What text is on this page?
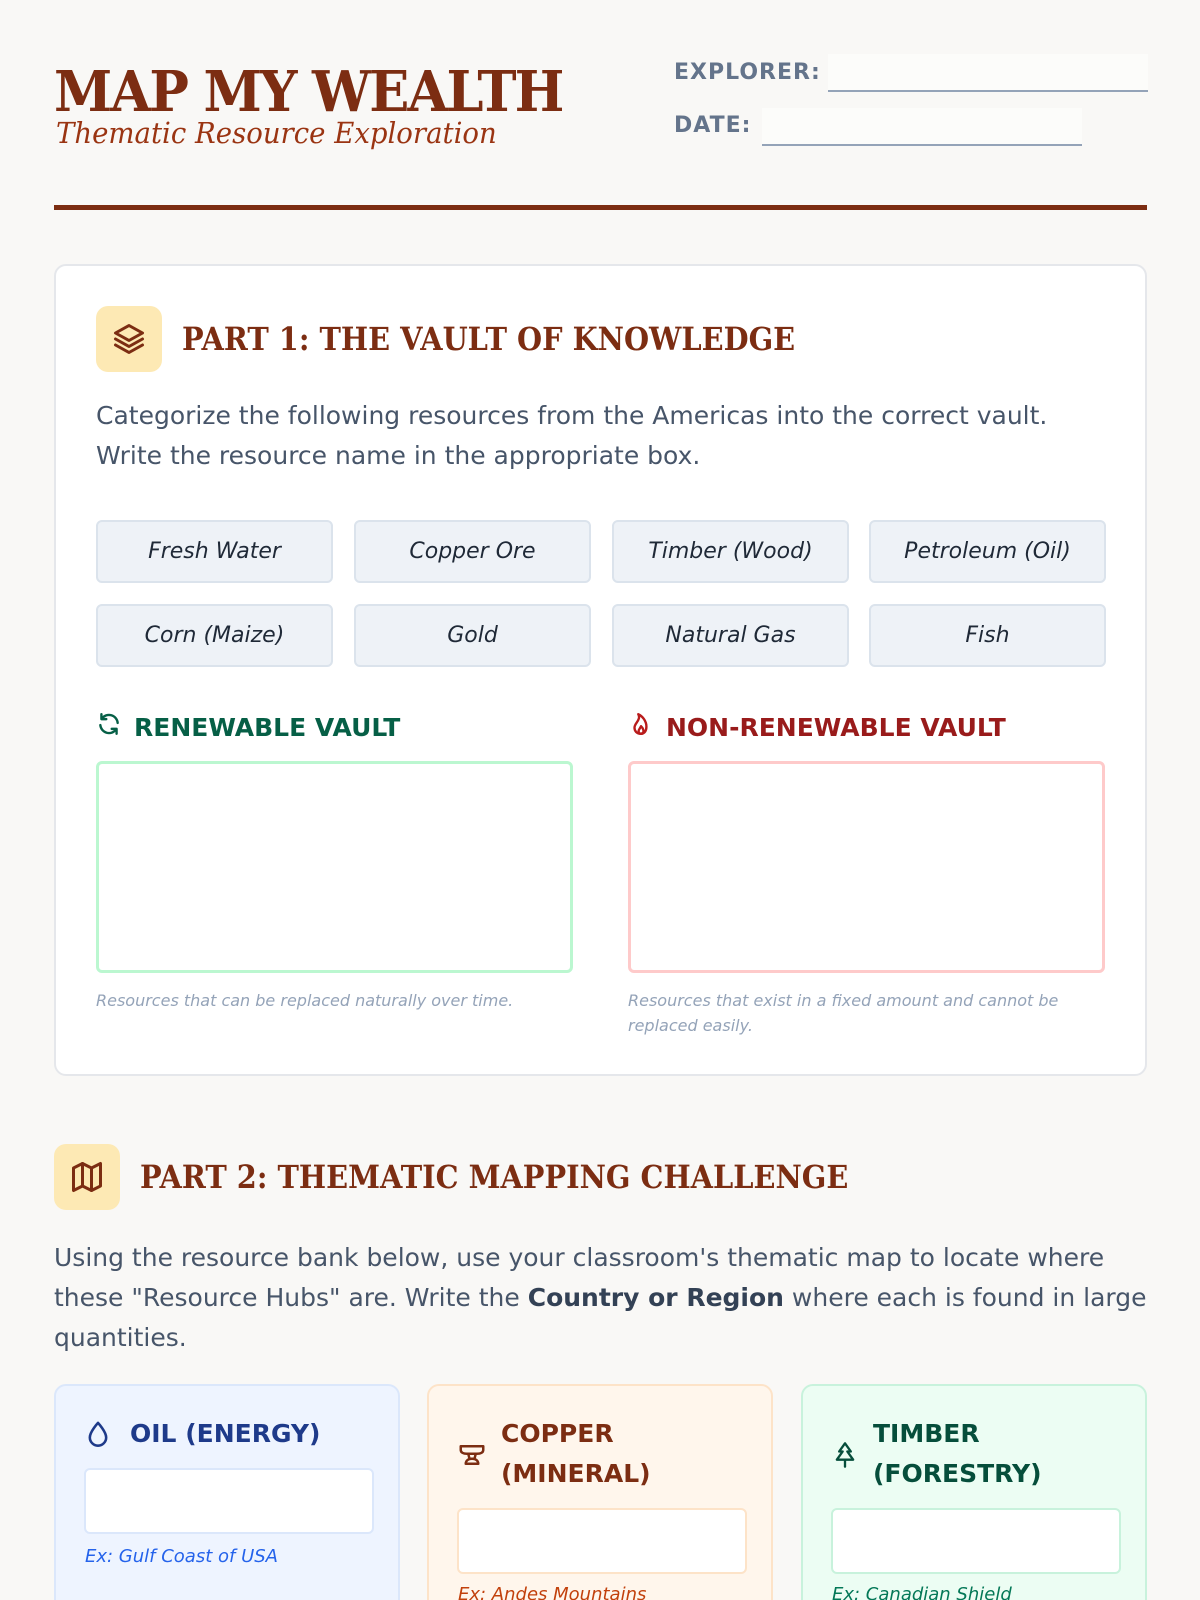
MAP MY WEALTH
Thematic Resource Exploration
EXPLORER:
DATE:
PART 1: THE VAULT OF KNOWLEDGE
Categorize the following resources from the Americas into the correct vault. Write the resource name in the appropriate box.
Fresh Water	Copper Ore	Timber (Wood)	Petroleum (Oil)
Corn (Maize)	Gold	Natural Gas	Fish
RENEWABLE VAULT
Resources that can be replaced naturally over time.
NON-RENEWABLE VAULT
Resources that exist in a fixed amount and cannot be replaced easily.
PART 2: THEMATIC MAPPING CHALLENGE
Using the resource bank below, use your classroom's thematic map to locate where these "Resource Hubs" are. Write the Country or Region where each is found in large quantities.
OIL (ENERGY)
Ex: Gulf Coast of USA
COPPER (MINERAL)
Ex: Andes Mountains
TIMBER (FORESTRY)
Ex: Canadian Shield
